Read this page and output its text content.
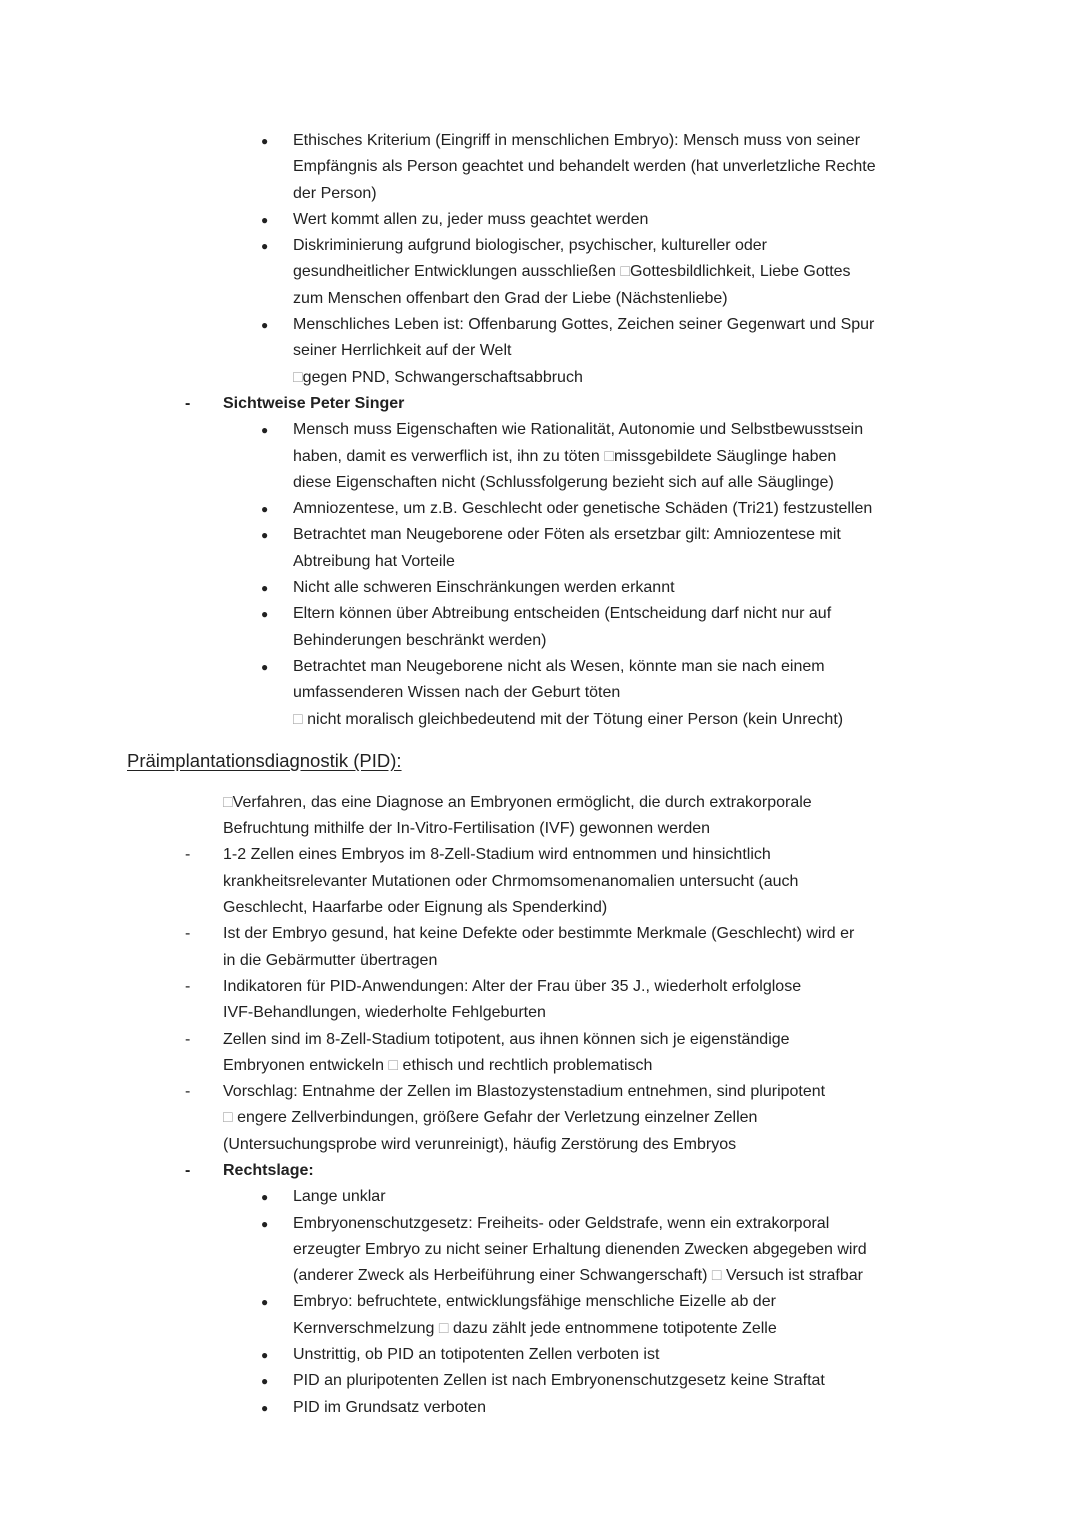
● Ethisches Kriterium (Eingriff in menschlichen Embryo): Mensch muss von seiner
Empfängnis als Person geachtet und behandelt werden (hat unverletzliche Rechte
der Person)
● Wert kommt allen zu, jeder muss geachtet werden
● Diskriminierung aufgrund biologischer, psychischer, kultureller oder
gesundheitlicher Entwicklungen ausschließen □Gottesbildlichkeit, Liebe Gottes
zum Menschen offenbart den Grad der Liebe (Nächstenliebe)
● Menschliches Leben ist: Offenbarung Gottes, Zeichen seiner Gegenwart und Spur
seiner Herrlichkeit auf der Welt
□gegen PND, Schwangerschaftsabbruch
- Sichtweise Peter Singer
● Mensch muss Eigenschaften wie Rationalität, Autonomie und Selbstbewusstsein
haben, damit es verwerflich ist, ihn zu töten □missgebildete Säuglinge haben
diese Eigenschaften nicht (Schlussfolgerung bezieht sich auf alle Säuglinge)
● Amniozentese, um z.B. Geschlecht oder genetische Schäden (Tri21) festzustellen
● Betrachtet man Neugeborene oder Föten als ersetzbar gilt: Amniozentese mit
Abtreibung hat Vorteile
● Nicht alle schweren Einschränkungen werden erkannt
● Eltern können über Abtreibung entscheiden (Entscheidung darf nicht nur auf
Behinderungen beschränkt werden)
● Betrachtet man Neugeborene nicht als Wesen, könnte man sie nach einem
umfassenderen Wissen nach der Geburt töten
□ nicht moralisch gleichbedeutend mit der Tötung einer Person (kein Unrecht)
Präimplantationsdiagnostik (PID):
□Verfahren, das eine Diagnose an Embryonen ermöglicht, die durch extrakorporale
Befruchtung mithilfe der In-Vitro-Fertilisation (IVF) gewonnen werden
- 1-2 Zellen eines Embryos im 8-Zell-Stadium wird entnommen und hinsichtlich
krankheitsrelevanter Mutationen oder Chrmomsomenanomalien untersucht (auch
Geschlecht, Haarfarbe oder Eignung als Spenderkind)
- Ist der Embryo gesund, hat keine Defekte oder bestimmte Merkmale (Geschlecht) wird er
in die Gebärmutter übertragen
- Indikatoren für PID-Anwendungen: Alter der Frau über 35 J., wiederholt erfolglose
IVF-Behandlungen, wiederholte Fehlgeburten
- Zellen sind im 8-Zell-Stadium totipotent, aus ihnen können sich je eigenständige
Embryonen entwickeln □ ethisch und rechtlich problematisch
- Vorschlag: Entnahme der Zellen im Blastozystenstadium entnehmen, sind pluripotent
□ engere Zellverbindungen, größere Gefahr der Verletzung einzelner Zellen
(Untersuchungsprobe wird verunreinigt), häufig Zerstörung des Embryos
- Rechtslage:
● Lange unklar
● Embryonenschutzgesetz: Freiheits- oder Geldstrafe, wenn ein extrakorporal
erzeugter Embryo zu nicht seiner Erhaltung dienenden Zwecken abgegeben wird
(anderer Zweck als Herbeiführung einer Schwangerschaft) □ Versuch ist strafbar
● Embryo: befruchtete, entwicklungsfähige menschliche Eizelle ab der
Kernverschmelzung □ dazu zählt jede entnommene totipotente Zelle
● Unstrittig, ob PID an totipotenten Zellen verboten ist
● PID an pluripotenten Zellen ist nach Embryonenschutzgesetz keine Straftat
● PID im Grundsatz verboten
